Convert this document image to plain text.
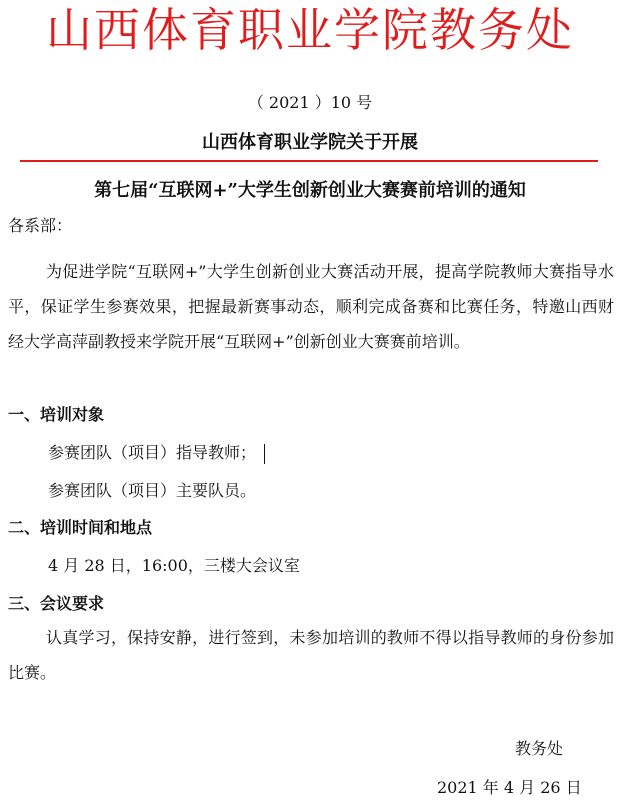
山西体育职业学院教务处
（ 2021 ）10 号
山西体育职业学院关于开展
第七届“互联网+”大学生创新创业大赛赛前培训的通知
各系部：
为促进学院“互联网+”大学生创新创业大赛活动开展，提高学院教师大赛指导水平，保证学生参赛效果，把握最新赛事动态，顺利完成备赛和比赛任务，特邀山西财经大学高萍副教授来学院开展“互联网+”创新创业大赛赛前培训。
一、培训对象
参赛团队（项目）指导教师；
参赛团队（项目）主要队员。
二、培训时间和地点
4 月 28 日，16:00，三楼大会议室
三、会议要求
认真学习，保持安静，进行签到，未参加培训的教师不得以指导教师的身份参加比赛。
教务处
2021 年 4 月 26 日
